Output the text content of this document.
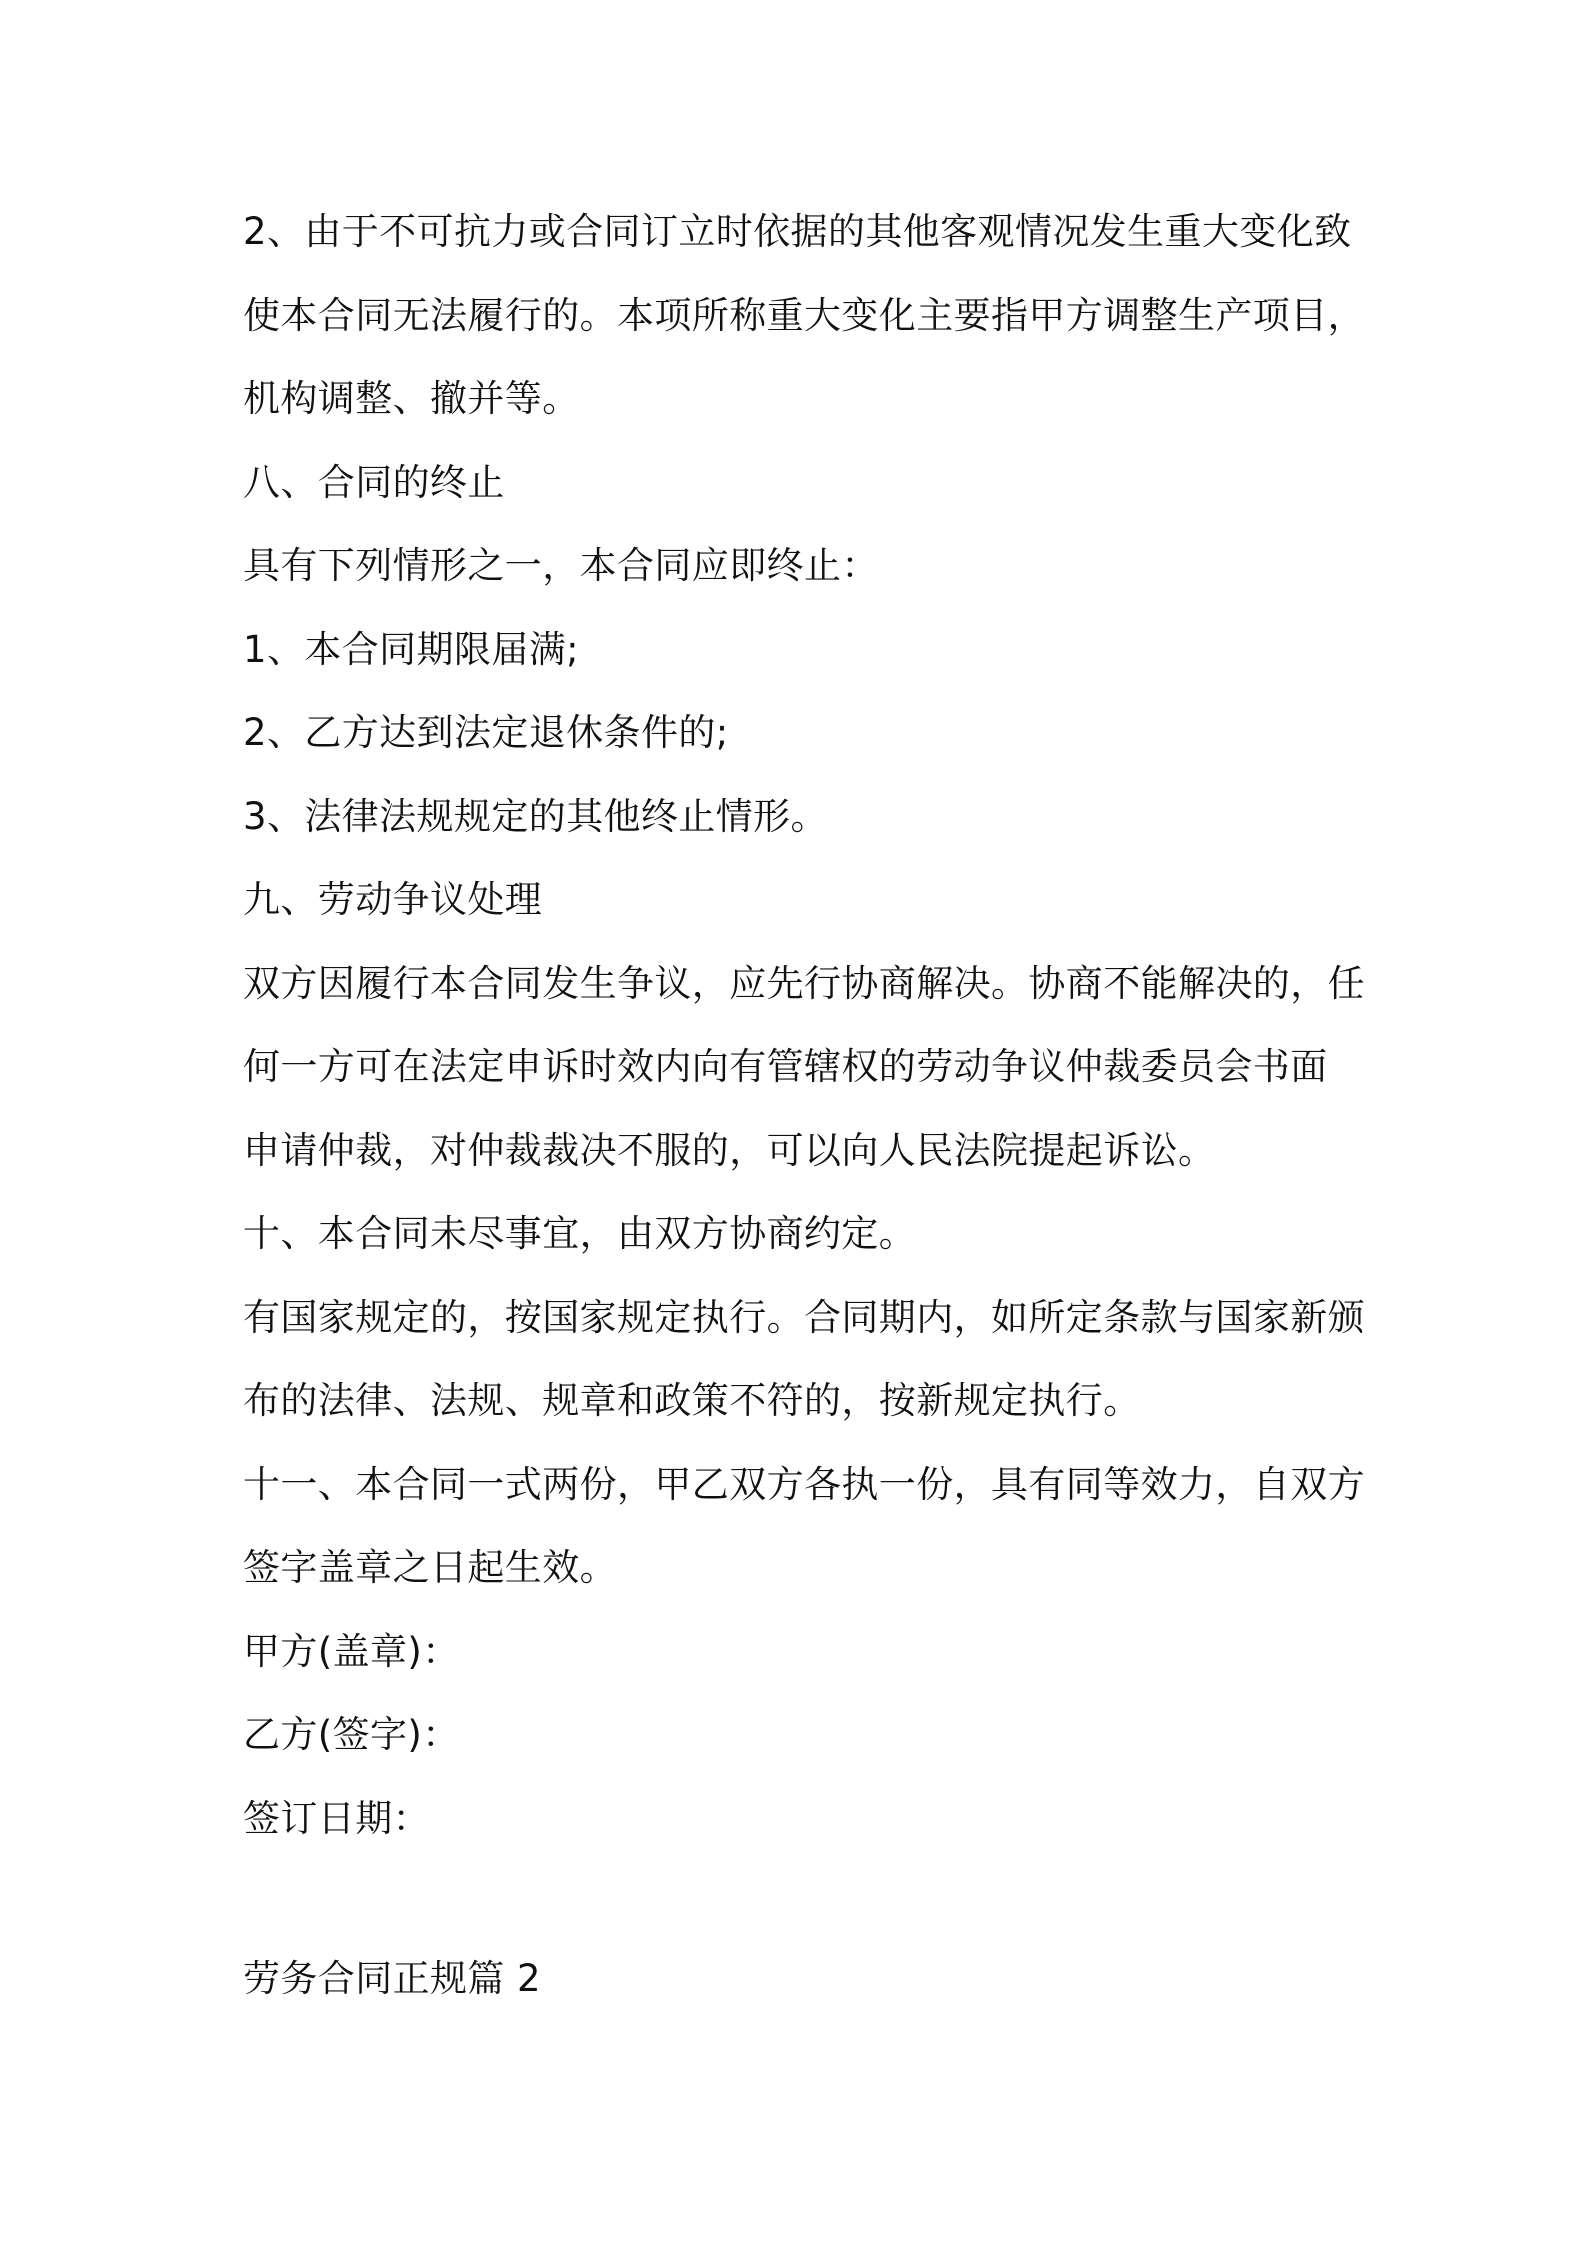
2、由于不可抗力或合同订立时依据的其他客观情况发生重大变化致
使本合同无法履行的。本项所称重大变化主要指甲方调整生产项目，
机构调整、撤并等。
八、合同的终止
具有下列情形之一，本合同应即终止：
1、本合同期限届满;
2、乙方达到法定退休条件的;
3、法律法规规定的其他终止情形。
九、劳动争议处理
双方因履行本合同发生争议，应先行协商解决。协商不能解决的，任
何一方可在法定申诉时效内向有管辖权的劳动争议仲裁委员会书面
申请仲裁，对仲裁裁决不服的，可以向人民法院提起诉讼。
十、本合同未尽事宜，由双方协商约定。
有国家规定的，按国家规定执行。合同期内，如所定条款与国家新颁
布的法律、法规、规章和政策不符的，按新规定执行。
十一、本合同一式两份，甲乙双方各执一份，具有同等效力，自双方
签字盖章之日起生效。
甲方(盖章)：
乙方(签字)：
签订日期：

劳务合同正规篇 2
